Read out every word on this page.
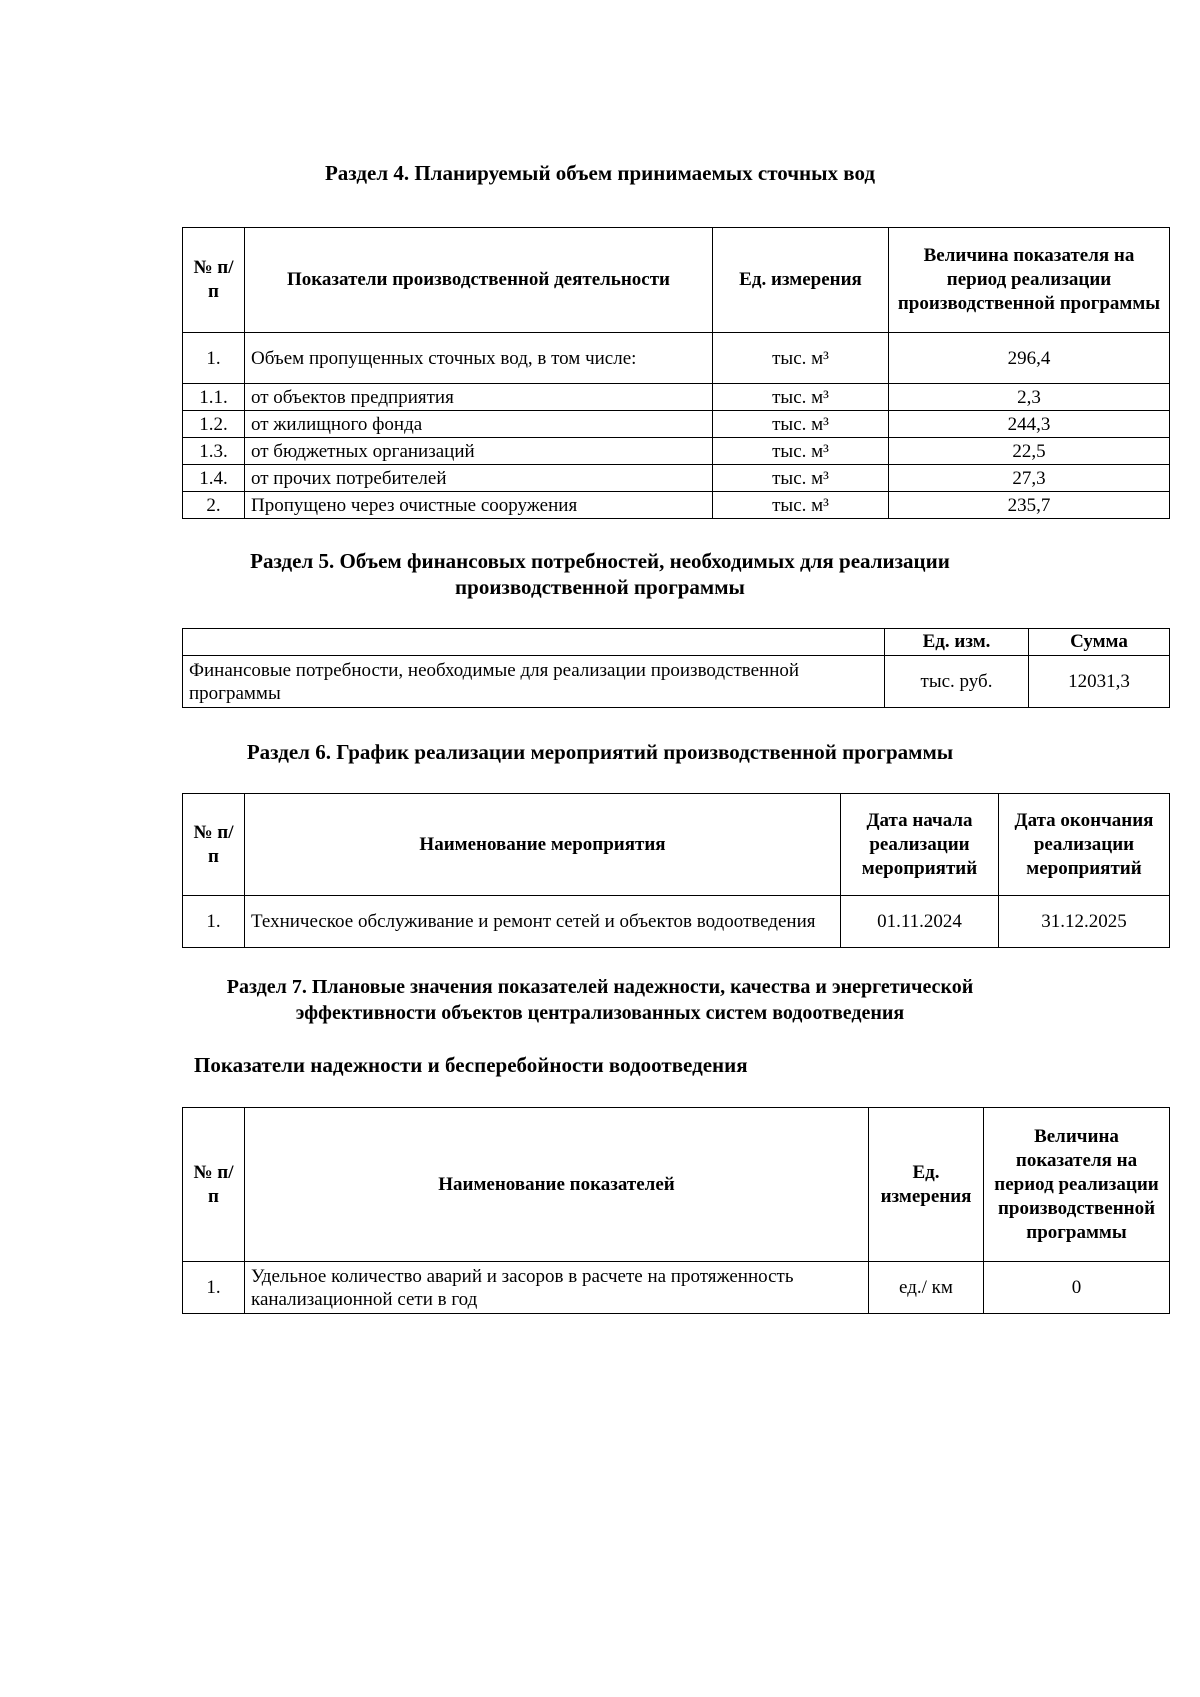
Раздел 4. Планируемый объем принимаемых сточных вод

№ п/п	Показатели производственной деятельности	Ед. измерения	Величина показателя на период реализации производственной программы
1.	Объем пропущенных сточных вод, в том числе:	тыс. м³	296,4
1.1.	от объектов предприятия	тыс. м³	2,3
1.2.	от жилищного фонда	тыс. м³	244,3
1.3.	от бюджетных организаций	тыс. м³	22,5
1.4.	от прочих потребителей	тыс. м³	27,3
2.	Пропущено через очистные сооружения	тыс. м³	235,7

Раздел 5. Объем финансовых потребностей, необходимых для реализации

производственной программы

	Ед. изм.	Сумма
Финансовые потребности, необходимые для реализации производственной программы	тыс. руб.	12031,3

Раздел 6. График реализации мероприятий производственной программы

№ п/п	Наименование мероприятия	Дата начала реализации мероприятий	Дата окончания реализации мероприятий
1.	Техническое обслуживание и ремонт сетей и объектов водоотведения	01.11.2024	31.12.2025

Раздел 7. Плановые значения показателей надежности, качества и энергетической

эффективности объектов централизованных систем водоотведения

Показатели надежности и бесперебойности водоотведения

№ п/п	Наименование показателей	Ед. измерения	Величина показателя на период реализации производственной программы
1.	Удельное количество аварий и засоров в расчете на протяженность канализационной сети в год	ед./ км	0
